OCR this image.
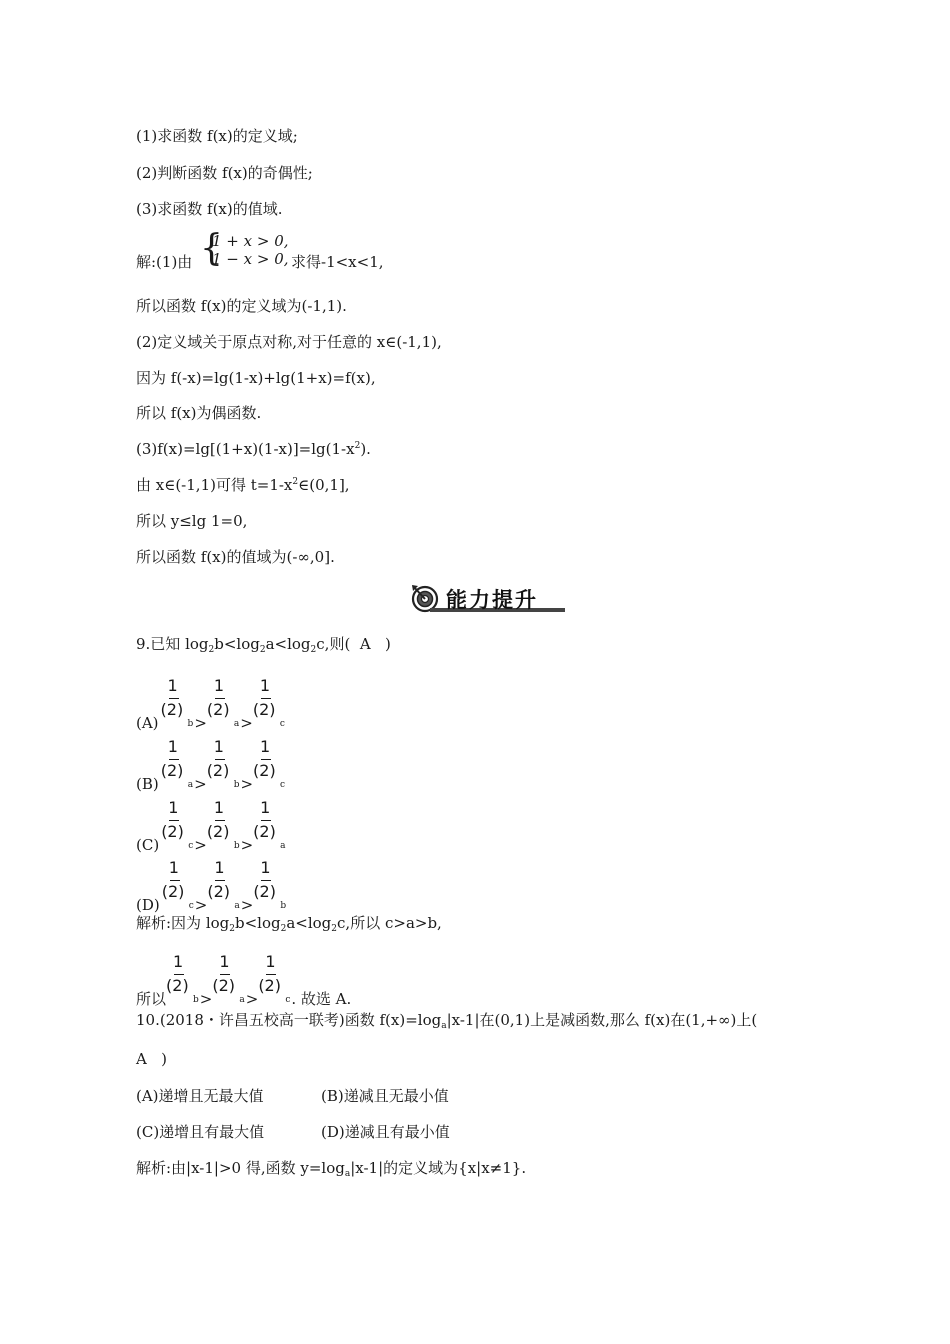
(1)求函数 f(x)的定义域;
(2)判断函数 f(x)的奇偶性;
(3)求函数 f(x)的值域.
解:(1)由 {
1 + x > 0,
1 − x > 0, 求得-1<x<1,
所以函数 f(x)的定义域为(-1,1).
(2)定义域关于原点对称,对于任意的 x∈(-1,1),
因为 f(-x)=lg(1-x)+lg(1+x)=f(x),
所以 f(x)为偶函数.
$(3)f(x)=\lg[(1+x)(1-x)]=\lg(1-x^2)$.
由 x∈(-1,1)可得 $t=1-x^2\in(0,1]$,
所以 y≤lg 1=0,
所以函数 f(x)的值域为(-∞,0].
能力提升
9.已知 $\log_2b<\log_2a<\log_2c$,则( A )
$(A) \frac{1}{(2)} b> \frac{1}{(2)} a> \frac{1}{(2)}$ c
$(B) \frac{1}{(2)} a> \frac{1}{(2)} b> \frac{1}{(2)}$ c
$(C) \frac{1}{(2)} c> \frac{1}{(2)} b> \frac{1}{(2)}$ a
$(D) \frac{1}{(2)} c> \frac{1}{(2)} a> \frac{1}{(2)}$ b
解析:因为 $\log_2b<\log_2a<\log_2c$,所以 c>a>b,
所以 $\frac{1}{(2)} b> \frac{1}{(2)} a> \frac{1}{(2)} c$. 故选 A.
10.(2018・许昌五校高一联考)函数 $f(x)=\log_a|x-1|$在(0,1)上是减函数,那么 f(x)在(1,+∞)上(
A )
(A)递增且无最大值	(B)递减且无最小值
(C)递增且有最大值	(D)递减且有最小值
解析:由|x-1|>0 得,函数 $y=\log_a|x-1|$的定义域为{x|x≠1}.
